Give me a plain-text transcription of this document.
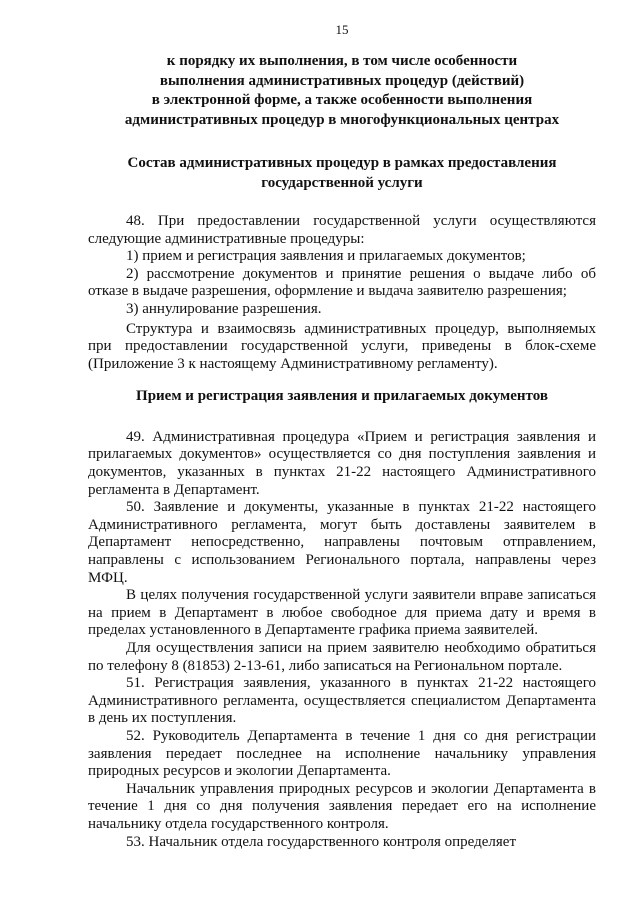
15
к порядку их выполнения, в том числе особенности
выполнения административных процедур (действий)
в электронной форме, а также особенности выполнения
административных процедур в многофункциональных центрах
Состав административных процедур в рамках предоставления
государственной услуги

48. При предоставлении государственной услуги осуществляются следующие административные процедуры:

1) прием и регистрация заявления и прилагаемых документов;

2) рассмотрение документов и принятие решения о выдаче либо об отказе в выдаче разрешения, оформление и выдача заявителю разрешения;

3) аннулирование разрешения.

Структура и взаимосвязь административных процедур, выполняемых при предоставлении государственной услуги, приведены в блок-схеме (Приложение 3 к настоящему Административному регламенту).

Прием и регистрация заявления и прилагаемых документов

49. Административная процедура «Прием и регистрация заявления и прилагаемых документов» осуществляется со дня поступления заявления и документов, указанных в пунктах 21-22 настоящего Административного регламента в Департамент.

50. Заявление и документы, указанные в пунктах 21-22 настоящего Административного регламента, могут быть доставлены заявителем в Департамент непосредственно, направлены почтовым отправлением, направлены с использованием Регионального портала, направлены через МФЦ.

В целях получения государственной услуги заявители вправе записаться на прием в Департамент в любое свободное для приема дату и время в пределах установленного в Департаменте графика приема заявителей.

Для осуществления записи на прием заявителю необходимо обратиться по телефону 8 (81853) 2-13-61, либо записаться на Региональном портале.

51. Регистрация заявления, указанного в пунктах 21-22 настоящего Административного регламента, осуществляется специалистом Департамента в день их поступления.

52. Руководитель Департамента в течение 1 дня со дня регистрации заявления передает последнее на исполнение начальнику управления природных ресурсов и экологии Департамента.

Начальник управления природных ресурсов и экологии Департамента в течение 1 дня со дня получения заявления передает его на исполнение начальнику отдела государственного контроля.

53. Начальник отдела государственного контроля определяет
